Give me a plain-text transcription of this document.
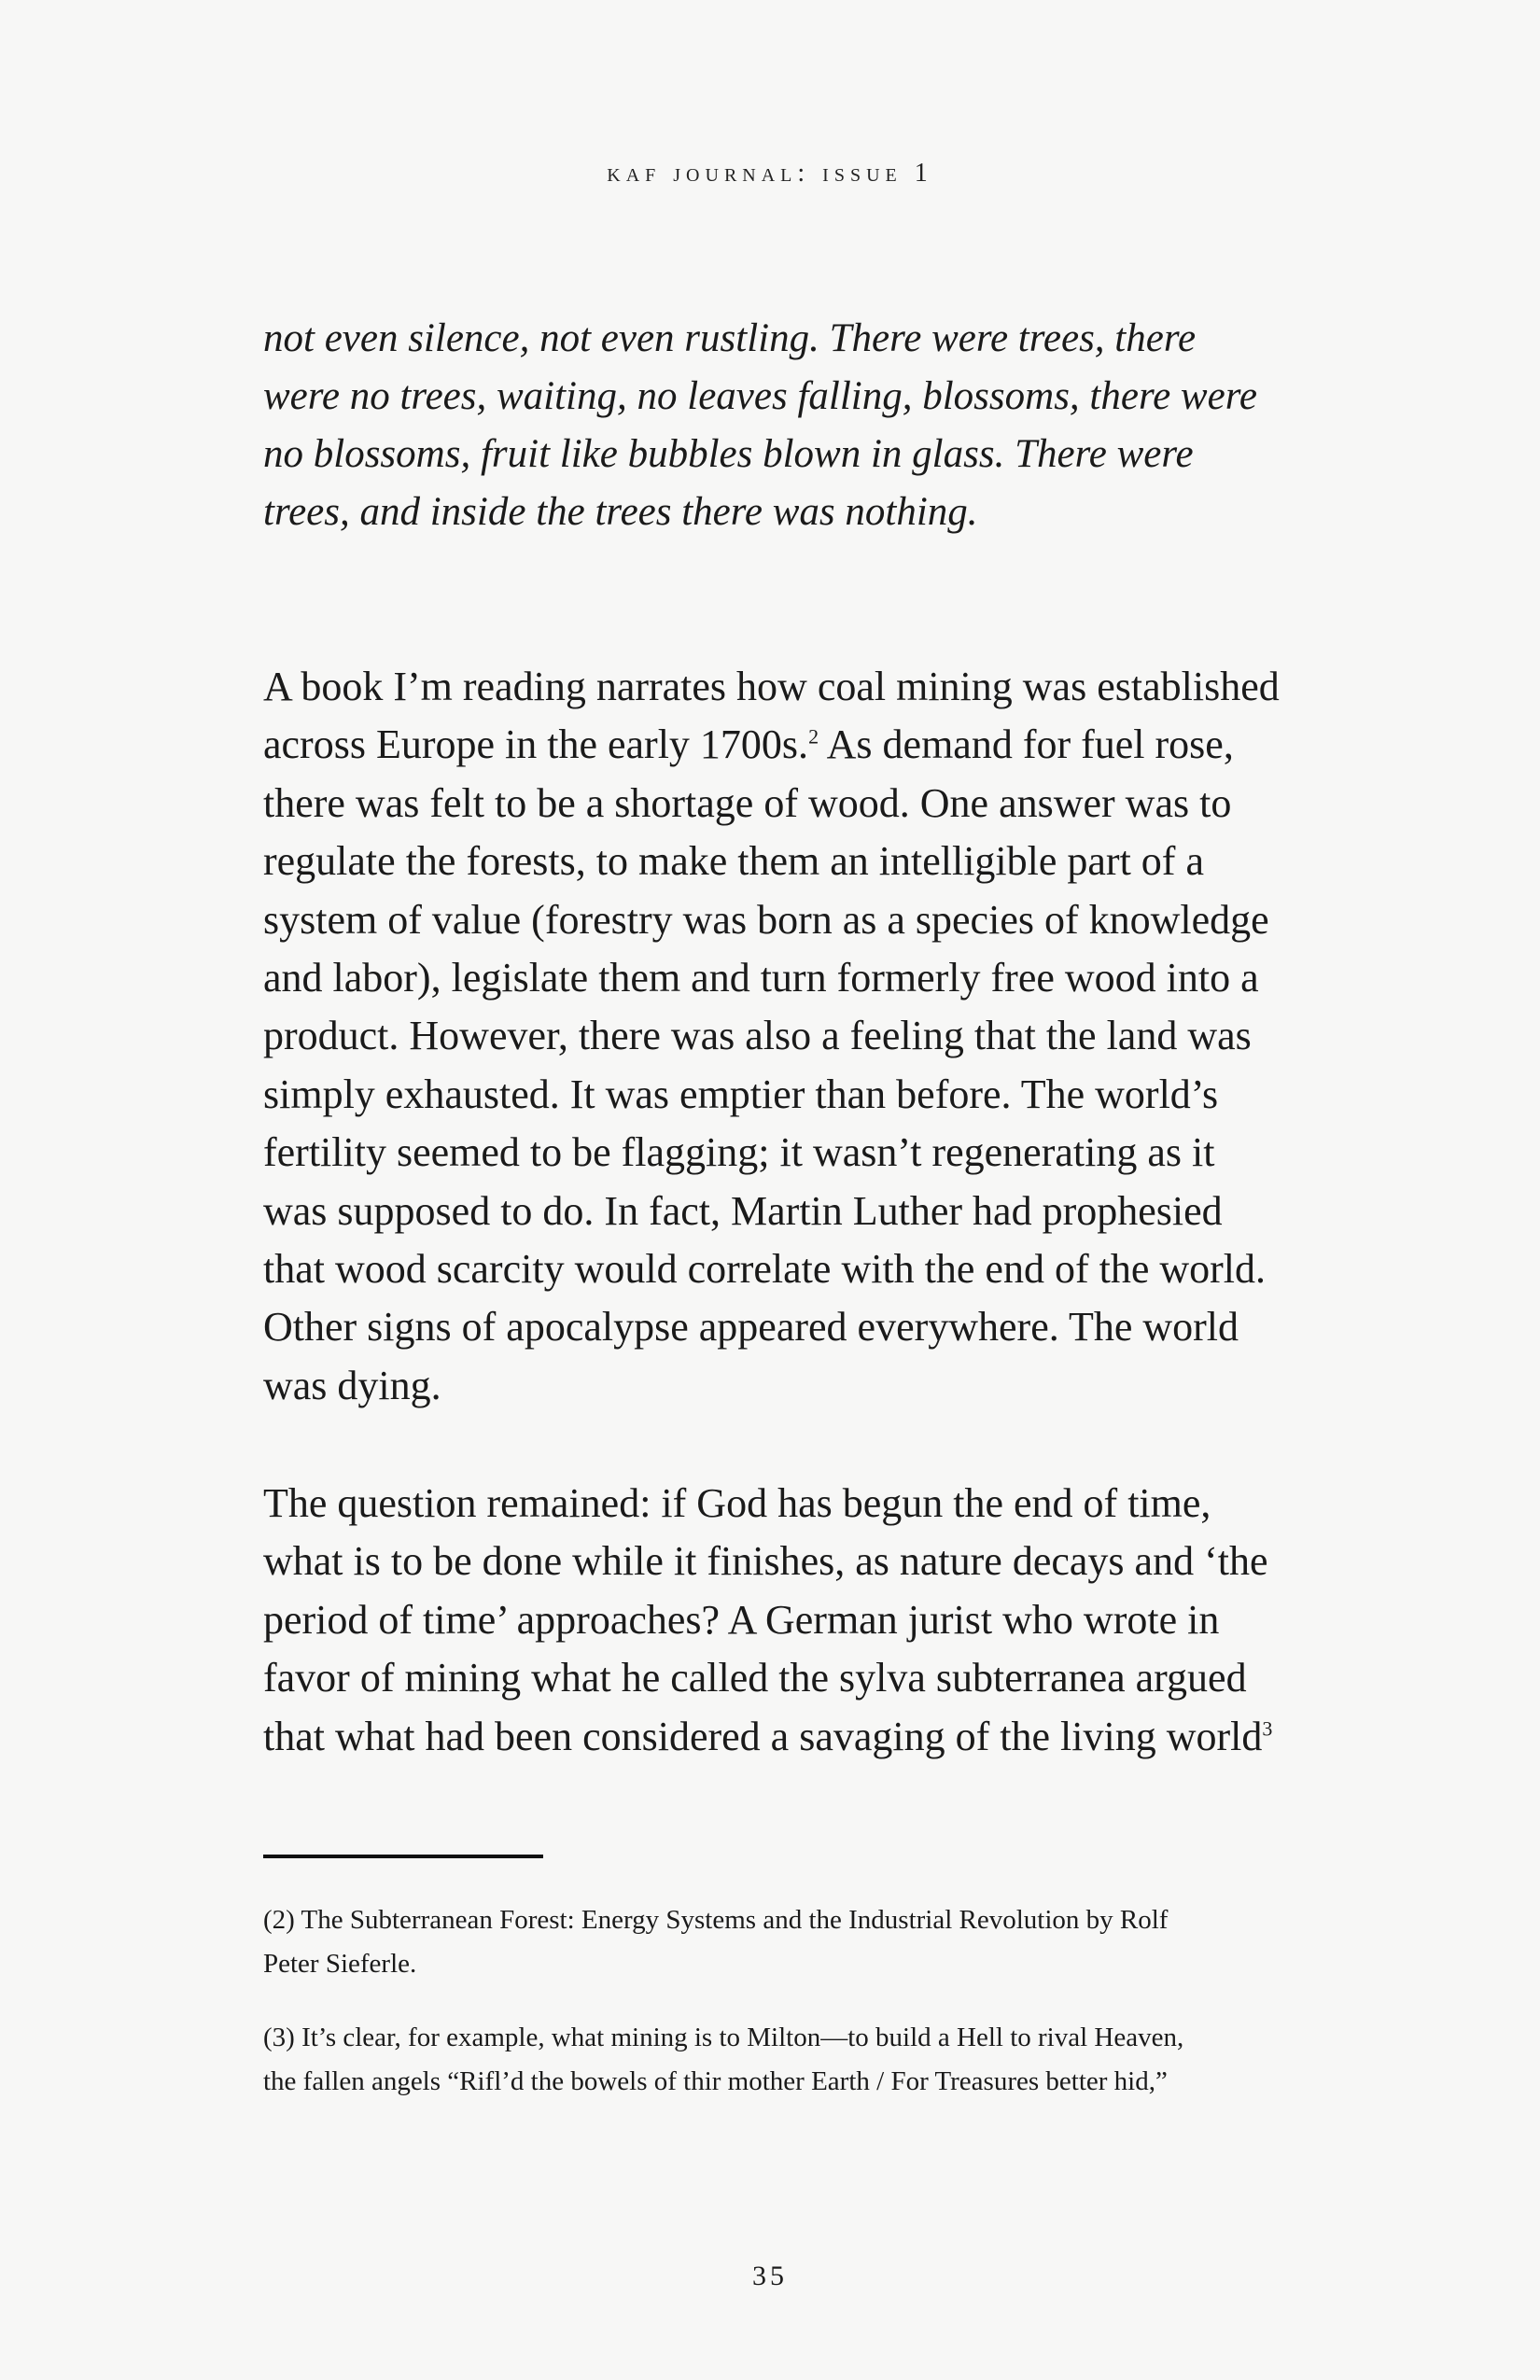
kaf journal: issue 1
not even silence, not even rustling. There were trees, there
were no trees, waiting, no leaves falling, blossoms, there were
no blossoms, fruit like bubbles blown in glass. There were
trees, and inside the trees there was nothing.
A book I’m reading narrates how coal mining was established
across Europe in the early 1700s.$^2$ As demand for fuel rose,
there was felt to be a shortage of wood. One answer was to
regulate the forests, to make them an intelligible part of a
system of value (forestry was born as a species of knowledge
and labor), legislate them and turn formerly free wood into a
product. However, there was also a feeling that the land was
simply exhausted. It was emptier than before. The world’s
fertility seemed to be flagging; it wasn’t regenerating as it
was supposed to do. In fact, Martin Luther had prophesied
that wood scarcity would correlate with the end of the world.
Other signs of apocalypse appeared everywhere. The world
was dying.
The question remained: if God has begun the end of time,
what is to be done while it finishes, as nature decays and ‘the
period of time’ approaches? A German jurist who wrote in
favor of mining what he called the sylva subterranea argued
that what had been considered a savaging of the living world$^3$
(2) The Subterranean Forest: Energy Systems and the Industrial Revolution by Rolf
Peter Sieferle.
(3) It’s clear, for example, what mining is to Milton—to build a Hell to rival Heaven,
the fallen angels “Rifl’d the bowels of thir mother Earth / For Treasures better hid,”
35
